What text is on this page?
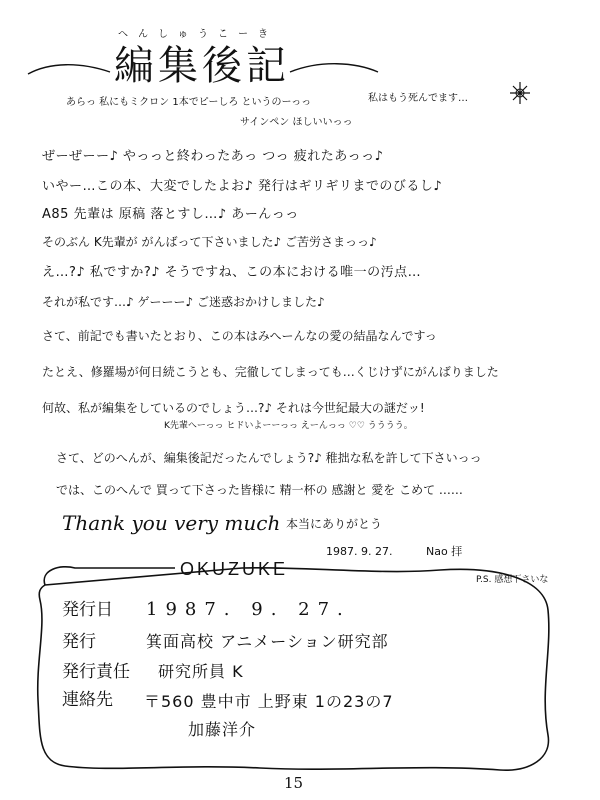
へんしゅうこーき
編集後記
あらっ 私にもミクロン 1本でピーしろ というのーっっ
サインペン ほしいいっっ
私はもう死んでます…
ぜーぜーー♪ やっっと終わったあっ つっ 疲れたあっっ♪
いやー…この本、大変でしたよお♪ 発行はギリギリまでのびるし♪
A85 先輩は 原稿 落とすし…♪ あーんっっ
そのぶん K先輩が がんばって下さいました♪ ご苦労さまっっ♪
え…?♪ 私ですか?♪ そうですね、この本における唯一の汚点…
それが私です…♪ ゲーーー♪ ご迷惑おかけしました♪
さて、前記でも書いたとおり、この本はみへーんなの愛の結晶なんですっ
たとえ、修羅場が何日続こうとも、完徹してしまっても…くじけずにがんばりました
何故、私が編集をしているのでしょう…?♪ それは今世紀最大の謎だッ!
K先輩へーっっ ヒドいよーーっっ えーんっっ ♡♡ うううう。
さて、どのへんが、編集後記だったんでしょう?♪ 稚拙な私を許して下さいっっ
では、このへんで 買って下さった皆様に 精一杯の 感謝と 愛を こめて ……
Thank you very much 本当にありがとう
1987. 9. 27.	Nao 拝
P.S. 感想下さいな
OKUZUKE
発行日 1987. 9. 27.
発行	箕面高校 アニメーション研究部
発行責任 研究所員 K
連絡先 〒560 豊中市 上野東 1の23の7
加藤洋介
15
